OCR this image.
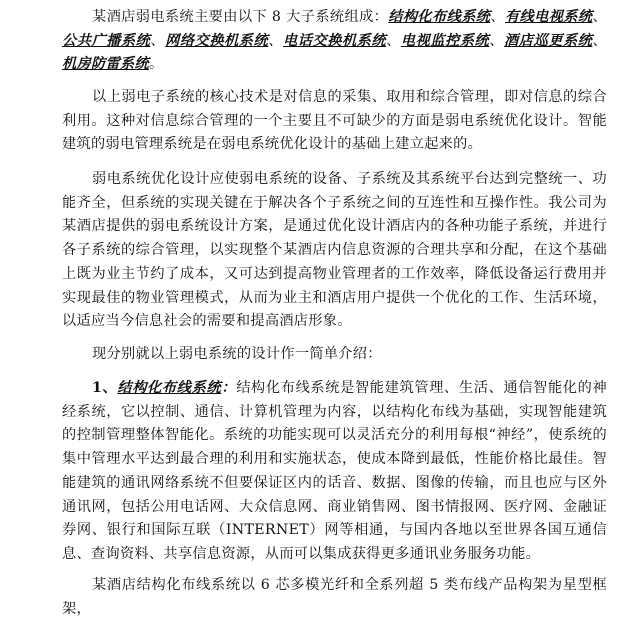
某酒店弱电系统主要由以下 8 大子系统组成：结构化布线系统、有线电视系统、公共广播系统、网络交换机系统、电话交换机系统、电视监控系统、酒店巡更系统、机房防雷系统。

以上弱电子系统的核心技术是对信息的采集、取用和综合管理，即对信息的综合利用。这种对信息综合管理的一个主要且不可缺少的方面是弱电系统优化设计。智能建筑的弱电管理系统是在弱电系统优化设计的基础上建立起来的。

弱电系统优化设计应使弱电系统的设备、子系统及其系统平台达到完整统一、功能齐全，但系统的实现关键在于解决各个子系统之间的互连性和互操作性。我公司为某酒店提供的弱电系统设计方案，是通过优化设计酒店内的各种功能子系统，并进行各子系统的综合管理，以实现整个某酒店内信息资源的合理共享和分配，在这个基础上既为业主节约了成本，又可达到提高物业管理者的工作效率，降低设备运行费用并实现最佳的物业管理模式，从而为业主和酒店用户提供一个优化的工作、生活环境，以适应当今信息社会的需要和提高酒店形象。

现分别就以上弱电系统的设计作一简单介绍：

1、结构化布线系统：结构化布线系统是智能建筑管理、生活、通信智能化的神经系统，它以控制、通信、计算机管理为内容，以结构化布线为基础，实现智能建筑的控制管理整体智能化。系统的功能实现可以灵活充分的利用每根“神经”，使系统的集中管理水平达到最合理的利用和实施状态，使成本降到最低，性能价格比最佳。智能建筑的通讯网络系统不但要保证区内的话音、数据、图像的传输，而且也应与区外通讯网，包括公用电话网、大众信息网、商业销售网、图书情报网、医疗网、金融证券网、银行和国际互联（INTERNET）网等相通，与国内各地以至世界各国互通信息、查询资料、共享信息资源，从而可以集成获得更多通讯业务服务功能。

某酒店结构化布线系统以 6 芯多模光纤和全系列超 5 类布线产品构架为星型框架，
